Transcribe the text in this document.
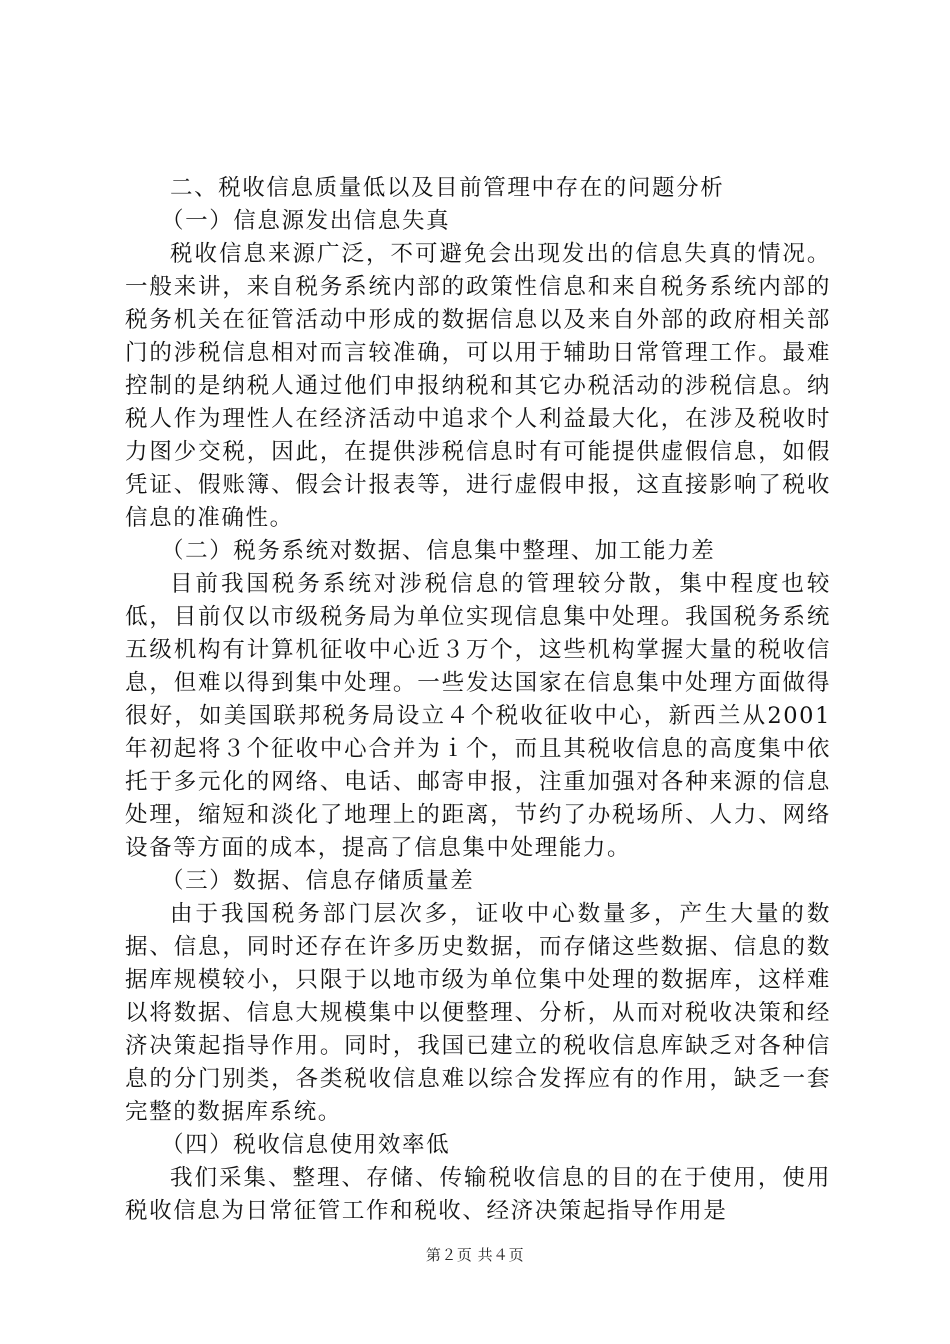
二、税收信息质量低以及目前管理中存在的问题分析

（一）信息源发出信息失真

税收信息来源广泛，不可避免会出现发出的信息失真的情况。一般来讲，来自税务系统内部的政策性信息和来自税务系统内部的税务机关在征管活动中形成的数据信息以及来自外部的政府相关部门的涉税信息相对而言较准确，可以用于辅助日常管理工作。最难控制的是纳税人通过他们申报纳税和其它办税活动的涉税信息。纳税人作为理性人在经济活动中追求个人利益最大化，在涉及税收时力图少交税，因此，在提供涉税信息时有可能提供虚假信息，如假凭证、假账簿、假会计报表等，进行虚假申报，这直接影响了税收信息的准确性。

（二）税务系统对数据、信息集中整理、加工能力差

目前我国税务系统对涉税信息的管理较分散，集中程度也较低，目前仅以市级税务局为单位实现信息集中处理。我国税务系统五级机构有计算机征收中心近３万个，这些机构掌握大量的税收信息，但难以得到集中处理。一些发达国家在信息集中处理方面做得很好，如美国联邦税务局设立４个税收征收中心，新西兰从2001年初起将３个征收中心合并为ｉ个，而且其税收信息的高度集中依托于多元化的网络、电话、邮寄申报，注重加强对各种来源的信息处理，缩短和淡化了地理上的距离，节约了办税场所、人力、网络设备等方面的成本，提高了信息集中处理能力。

（三）数据、信息存储质量差

由于我国税务部门层次多，证收中心数量多，产生大量的数据、信息，同时还存在许多历史数据，而存储这些数据、信息的数据库规模较小，只限于以地市级为单位集中处理的数据库，这样难以将数据、信息大规模集中以便整理、分析，从而对税收决策和经济决策起指导作用。同时，我国已建立的税收信息库缺乏对各种信息的分门别类，各类税收信息难以综合发挥应有的作用，缺乏一套完整的数据库系统。

（四）税收信息使用效率低

我们采集、整理、存储、传输税收信息的目的在于使用，使用税收信息为日常征管工作和税收、经济决策起指导作用是

第２页 共４页
